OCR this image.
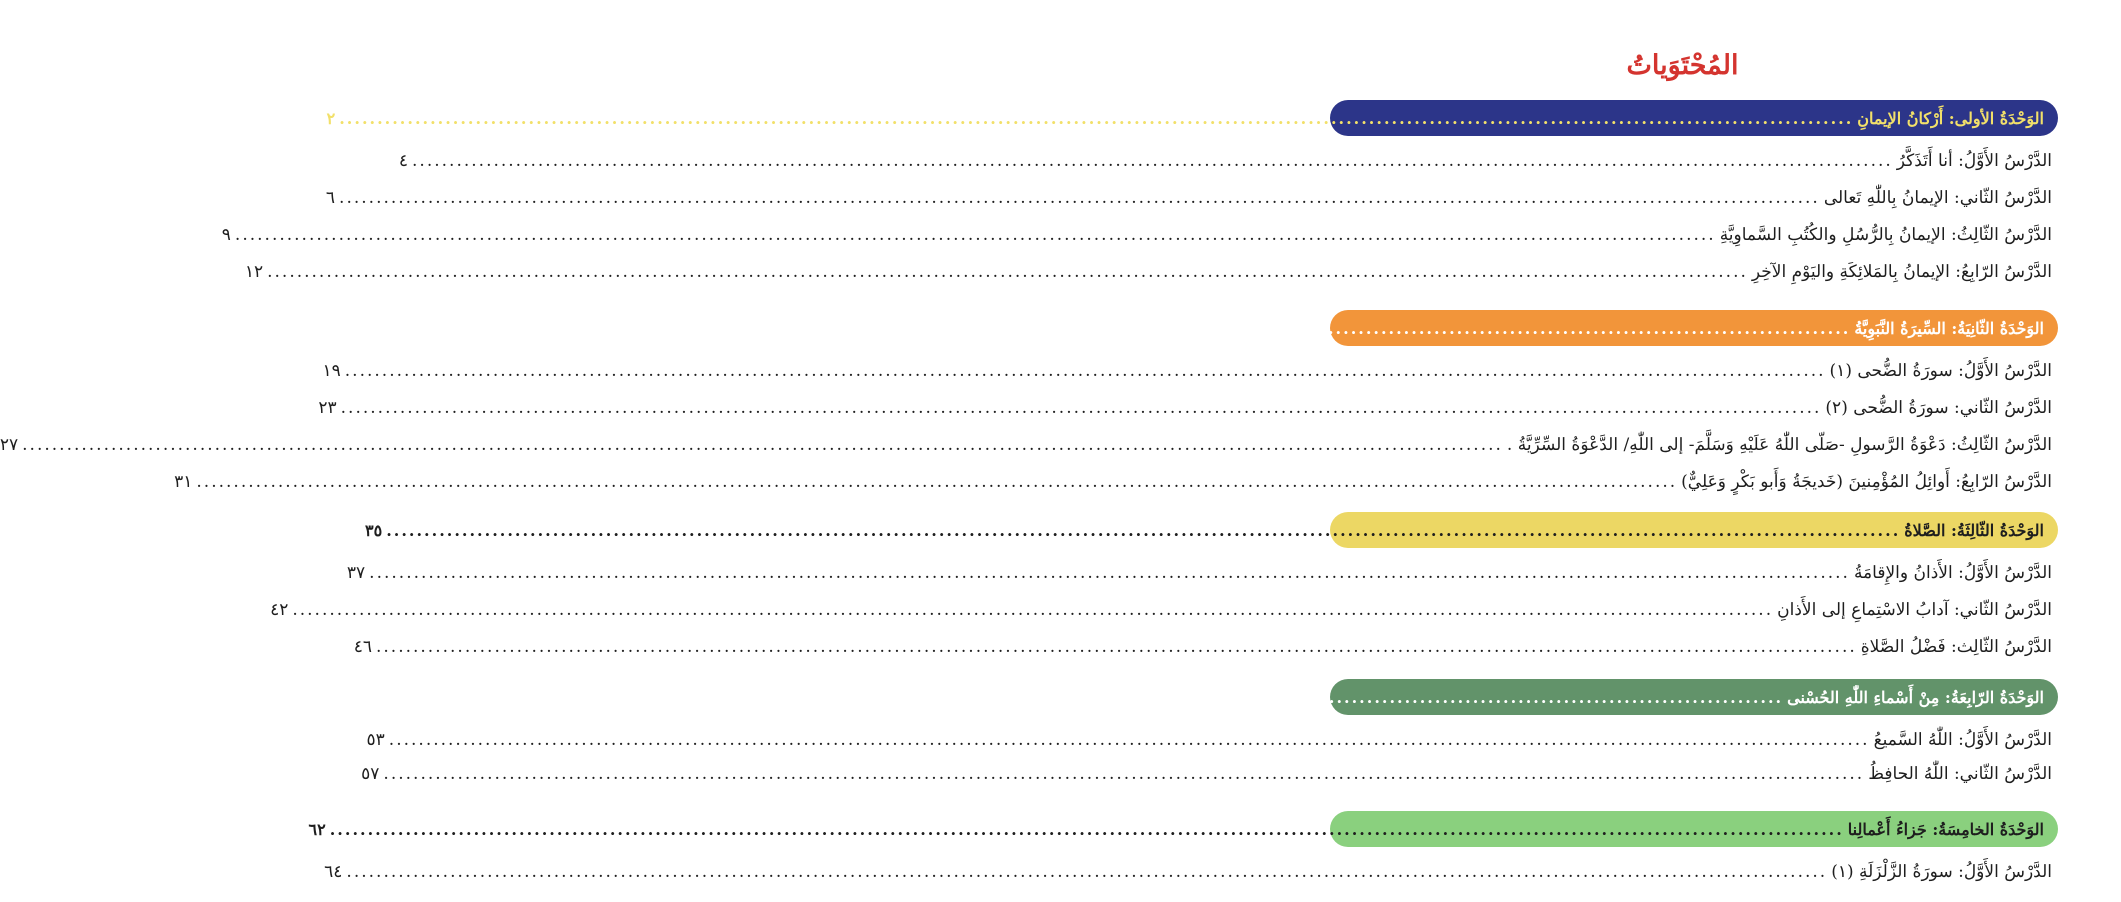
المُحْتَوَياتُ
الوَحْدَةُ الأولى: أَرْكانُ الإيمانِ
........................................................................................................................................................................................................
٢
الدَّرْسُ الأَوَّلُ: أنا أَتَذَكَّرُ
........................................................................................................................................................................................................
٤
الدَّرْسُ الثّاني: الإيمانُ بِاللّٰهِ تَعالى
........................................................................................................................................................................................................
٦
الدَّرْسُ الثّالِثُ: الإيمانُ بِالرُّسُلِ والكُتُبِ السَّماوِيَّةِ
........................................................................................................................................................................................................
٩
الدَّرْسُ الرّابِعُ: الإيمانُ بِالمَلائِكَةِ واليَوْمِ الآخِرِ
........................................................................................................................................................................................................
١٢
الوَحْدَةُ الثّانِيَةُ: السِّيرَةُ النَّبَوِيَّةُ
........................................................................................................................................................................................................
١٧
الدَّرْسُ الأَوَّلُ: سورَةُ الضُّحى (١)
........................................................................................................................................................................................................
١٩
الدَّرْسُ الثّاني: سورَةُ الضُّحى (٢)
........................................................................................................................................................................................................
٢٣
الدَّرْسُ الثّالِثُ: دَعْوَةُ الرَّسولِ -صَلّى اللّٰهُ عَلَيْهِ وَسَلَّمَ- إلى اللّٰهِ/ الدَّعْوَةُ السِّرِّيَّةُ .
........................................................................................................................................................................................................
٢٧
الدَّرْسُ الرّابِعُ: أَوائِلُ المُؤْمِنينَ (خَديجَةُ وَأَبو بَكْرٍ وَعَلِيٌّ)
........................................................................................................................................................................................................
٣١
الوَحْدَةُ الثّالِثَةُ: الصَّلاةُ
........................................................................................................................................................................................................
٣٥
الدَّرْسُ الأَوَّلُ: الأَذانُ والإِقامَةُ
........................................................................................................................................................................................................
٣٧
الدَّرْسُ الثّاني: آدابُ الاسْتِماعِ إلى الأَذانِ
........................................................................................................................................................................................................
٤٢
الدَّرْسُ الثّالِث: فَضْلُ الصَّلاةِ
........................................................................................................................................................................................................
٤٦
الوَحْدَةُ الرّابِعَةُ: مِنْ أَسْماءِ اللّٰهِ الحُسْنى
........................................................................................................................................................................................................
٥١
الدَّرْسُ الأَوَّلُ: اللّٰهُ السَّميعُ
........................................................................................................................................................................................................
٥٣
الدَّرْسُ الثّاني: اللّٰهُ الحافِظُ
........................................................................................................................................................................................................
٥٧
الوَحْدَةُ الخامِسَةُ: جَزاءُ أَعْمالِنا
........................................................................................................................................................................................................
٦٢
الدَّرْسُ الأَوَّلُ: سورَةُ الزَّلْزَلَةِ (١)
........................................................................................................................................................................................................
٦٤
